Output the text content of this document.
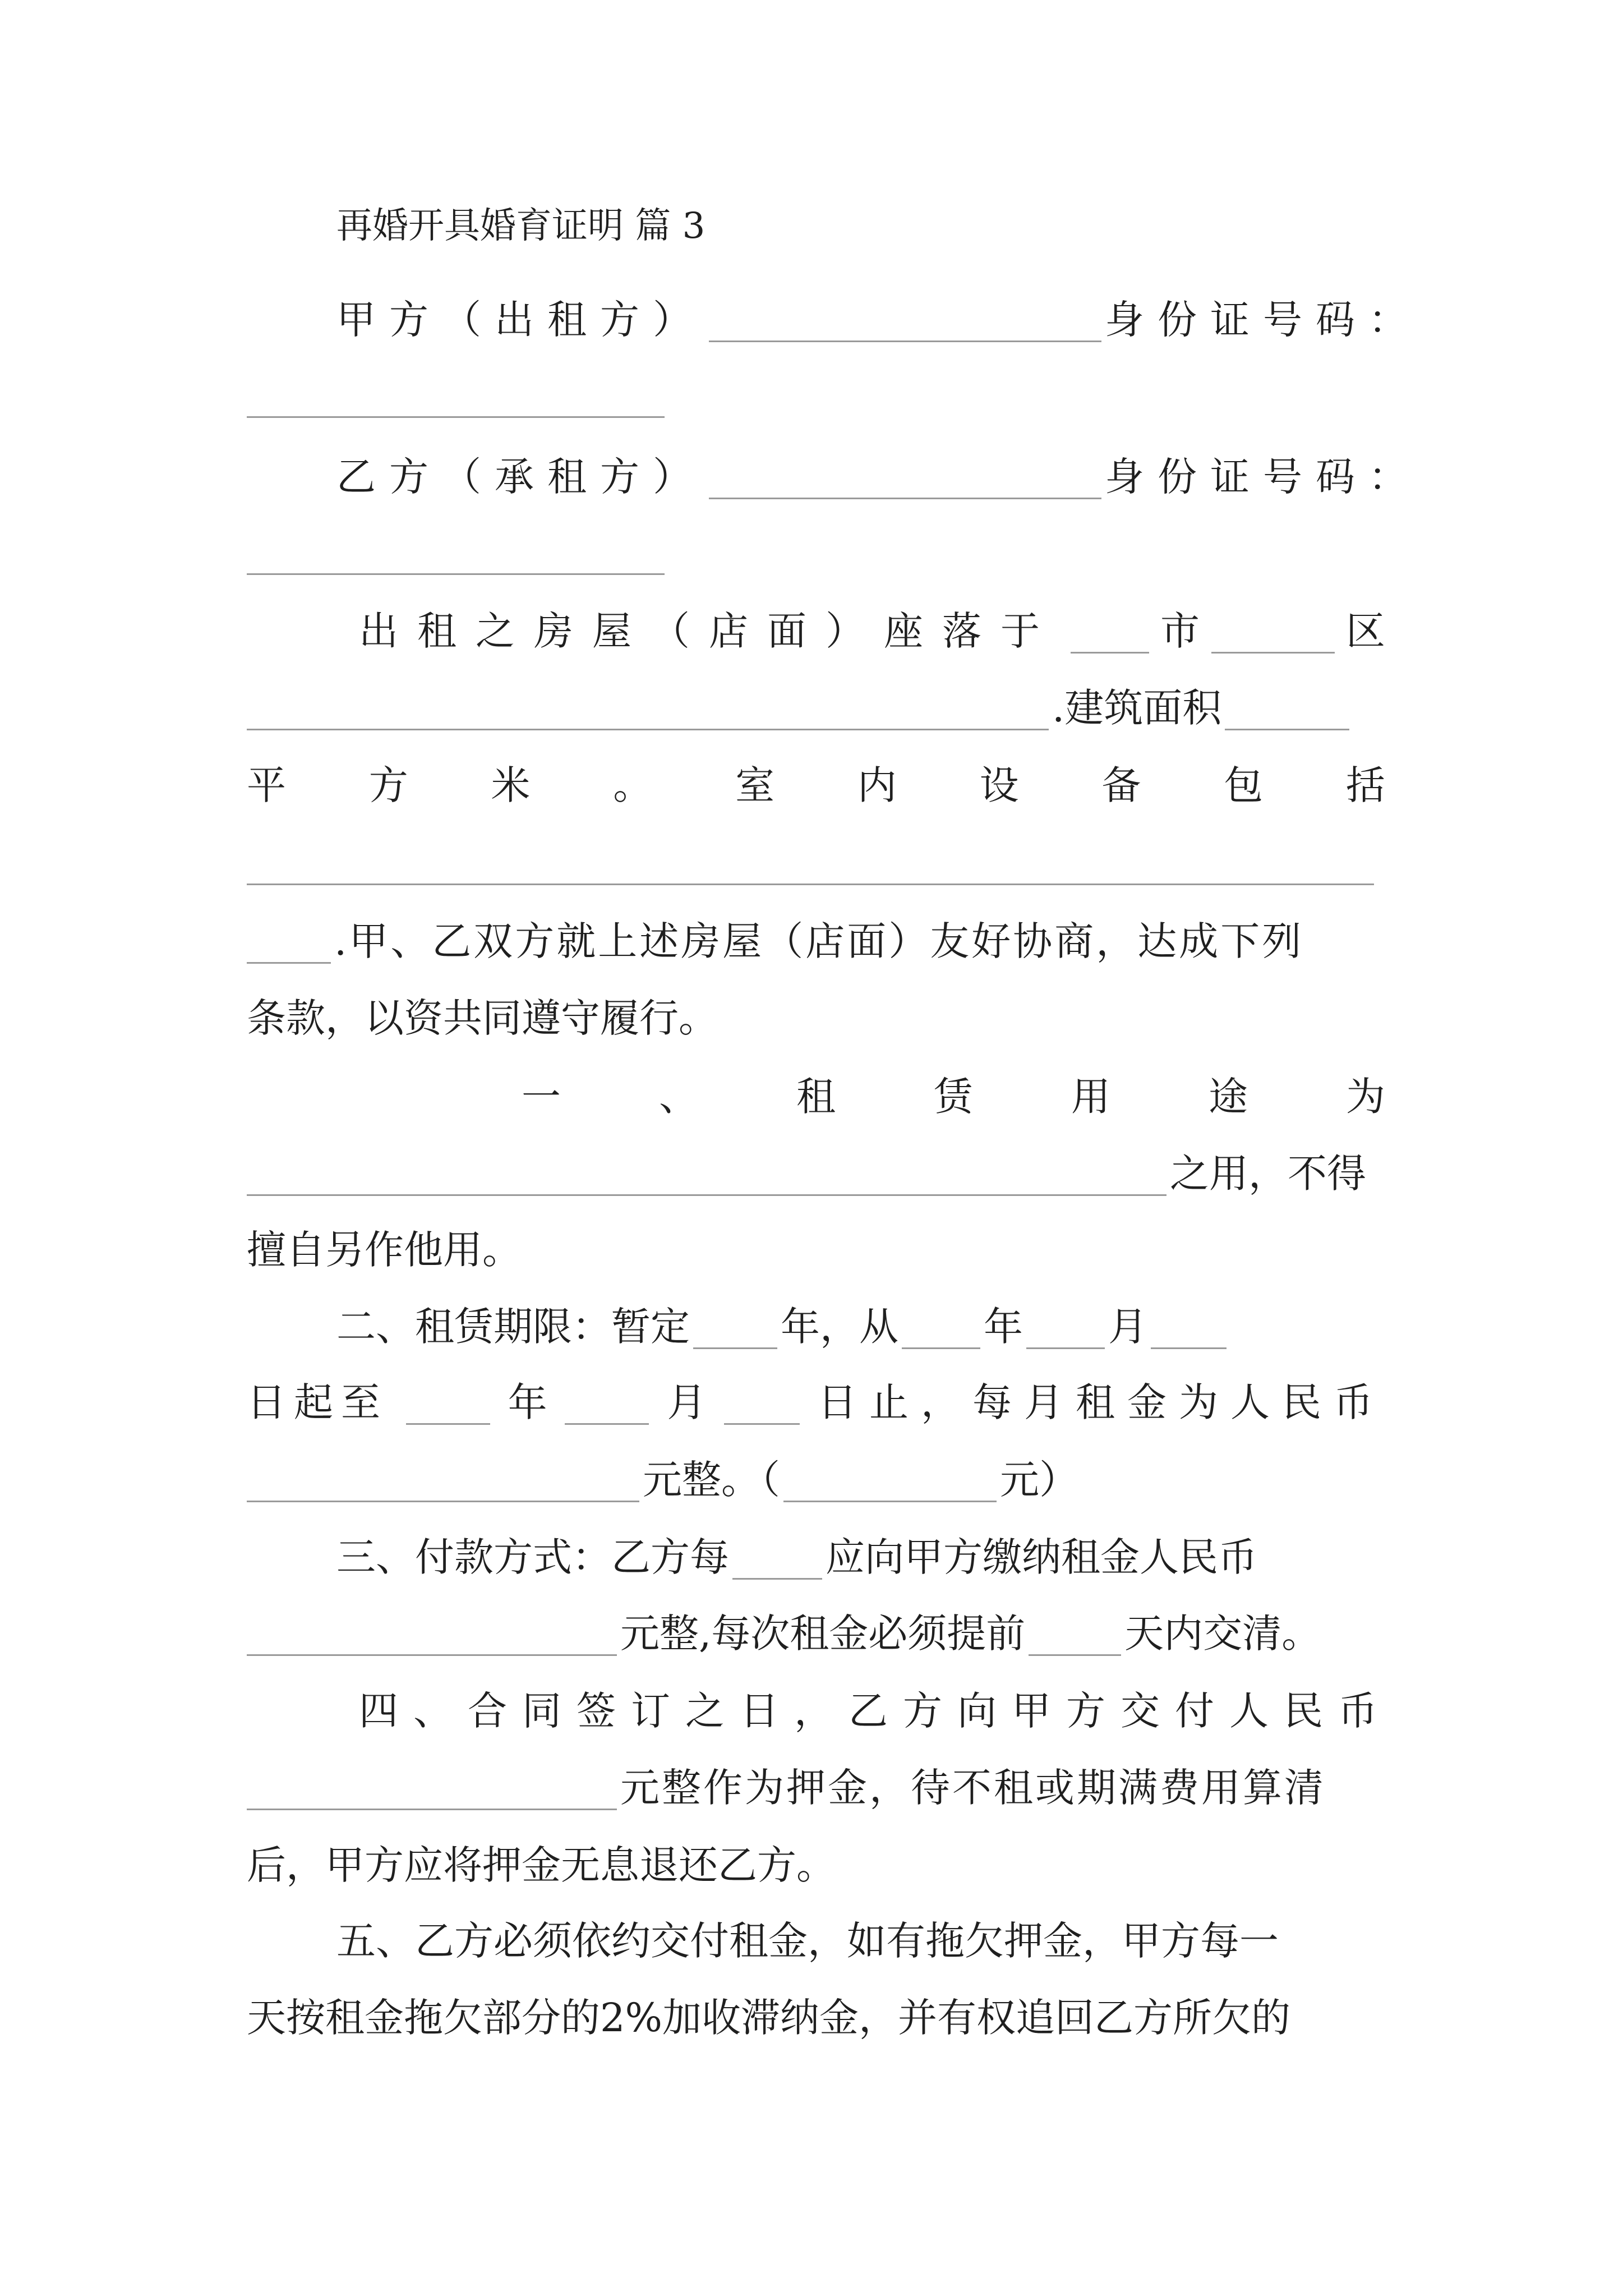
再婚开具婚育证明 篇 3
甲方（出租方）	身份证号码：
乙方（承租方）	身份证号码：
出租之房屋（店面）座落于	市	区
.建筑面积
平 方 米 。 室 内 设 备 包 括
.甲、乙双方就上述房屋（店面）友好协商，达成下列
条款，以资共同遵守履行。
一	、	租	赁	用	途	为
之用，不得
擅自另作他用。
二、租赁期限：暂定 年，从 年 月
日起至	年	月	日止，每月租金为人民币
元整。（	元）
三、付款方式：乙方每 应向甲方缴纳租金人民币
元整,每次租金必须提前	天内交清。
四、合同签订之日，乙方向甲方交付人民币
元整作为押金，待不租或期满费用算清
后，甲方应将押金无息退还乙方。
五、乙方必须依约交付租金，如有拖欠押金，甲方每一
天按租金拖欠部分的2%加收滞纳金，并有权追回乙方所欠的
